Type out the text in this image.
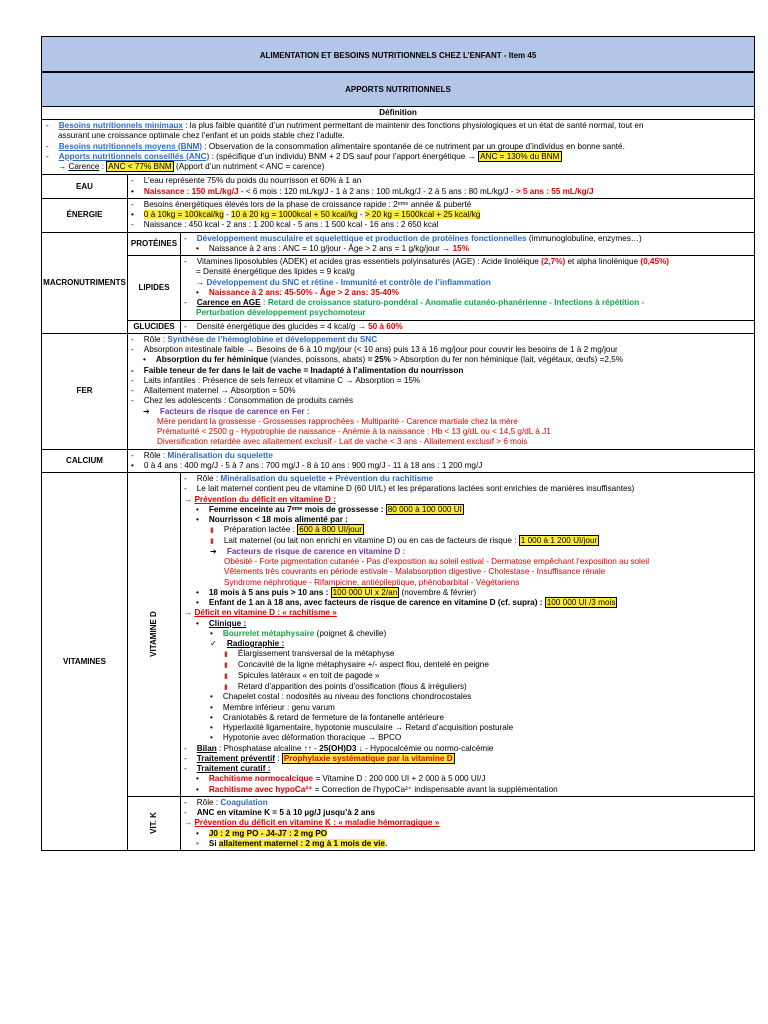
ALIMENTATION ET BESOINS NUTRITIONNELS CHEZ L’ENFANT - Item 45
APPORTS NUTRITIONNELS
Définition
- Besoins nutritionnels minimaux : la plus faible quantité d’un nutriment permettant de maintenir des fonctions physiologiques et un état de santé normal, tout en
assurant une croissance optimale chez l’enfant et un poids stable chez l’adulte.
- Besoins nutritionnels moyens (BNM) : Observation de la consommation alimentaire spontanée de ce nutriment par un groupe d’individus en bonne santé.
- Apports nutritionnels conseillés (ANC) : (spécifique d’un individu) BNM + 2 DS sauf pour l’apport énergétique → ANC = 130% du BNM
→ Carence : ANC < 77% BNM (Apport d’un nutriment < ANC = carence)
EAU
- L’eau représente 75% du poids du nourrisson et 60% à 1 an
• Naissance : 150 mL/kg/J - < 6 mois : 120 mL/kg/J - 1 à 2 ans : 100 mL/kg/J - 2 à 5 ans : 80 mL/kg/J - > 5 ans : 55 mL/kg/J
ÉNERGIE
- Besoins énergétiques élevés lors de la phase de croissance rapide : 2ᵉᵐᵉ année & puberté
• 0 à 10kg = 100kcal/kg - 10 à 20 kg = 1000kcal + 50 kcal/kg - > 20 kg = 1500kcal + 25 kcal/kg
- Naissance : 450 kcal - 2 ans : 1 200 kcal - 5 ans : 1 500 kcal - 16 ans : 2 650 kcal
MACRONUTRIMENTS
PROTÉINES
- Développement musculaire et squelettique et production de protéines fonctionnelles (immunoglobuline, enzymes…)
• Naissance à 2 ans : ANC = 10 g/jour - Âge > 2 ans = 1 g/kg/jour → 15%
LIPIDES
- Vitamines liposolubles (ADEK) et acides gras essentiels polyinsaturés (AGE) : Acide linoléique (2,7%) et alpha linolénique (0,45%)
= Densité énergétique des lipides = 9 kcal/g
→ Développement du SNC et rétine - Immunité et contrôle de l’inflammation
• Naissance à 2 ans: 45-50% - Âge > 2 ans: 35-40%
- Carence en AGE : Retard de croissance staturo-pondéral - Anomalie cutanéo-phanérienne - Infections à répétition -
Perturbation développement psychomoteur
GLUCIDES	- Densité énergétique des glucides = 4 kcal/g → 50 à 60%
FER
- Rôle : Synthèse de l’hémoglobine et développement du SNC
- Absorption intestinale faible → Besoins de 6 à 10 mg/jour (< 10 ans) puis 13 à 16 mg/jour pour couvrir les besoins de 1 à 2 mg/jour
• Absorption du fer héminique (viandes, poissons, abats) = 25% > Absorption du fer non héminique (lait, végétaux, œufs) =2,5%
- Faible teneur de fer dans le lait de vache = Inadapté à l’alimentation du nourrisson
- Laits infantiles : Présence de sels ferreux et vitamine C → Absorption = 15%
- Allaitement maternel → Absorption = 50%
- Chez les adolescents : Consommation de produits carnés
➔ Facteurs de risque de carence en Fer :
Mère pendant la grossesse - Grossesses rapprochées - Multiparité - Carence martiale chez la mère
Prématurité < 2500 g - Hypotrophie de naissance - Anémie à la naissance : Hb < 13 g/dL ou < 14,5 g/dL à J1
Diversification retardée avec allaitement exclusif - Lait de vache < 3 ans - Allaitement exclusif > 6 mois
CALCIUM
- Rôle : Minéralisation du squelette
• 0 à 4 ans : 400 mg/J - 5 à 7 ans : 700 mg/J - 8 à 10 ans : 900 mg/J - 11 à 18 ans : 1 200 mg/J
VITAMINES
VITAMINE D
- Rôle : Minéralisation du squelette + Prévention du rachitisme
- Le lait maternel contient peu de vitamine D (60 UI/L) et les préparations lactées sont enrichies de manières insuffisantes)
→ Prévention du déficit en vitamine D :
• Femme enceinte au 7ᵉᵐᵉ mois de grossesse : 80 000 à 100 000 UI
• Nourrisson < 18 mois alimenté par :
▮ Préparation lactée : 600 à 800 UI/jour
▮ Lait maternel (ou lait non enrichi en vitamine D) ou en cas de facteurs de risque : 1 000 à 1 200 UI/jour
➔ Facteurs de risque de carence en vitamine D :
Obésité - Forte pigmentation cutanée - Pas d’exposition au soleil estival - Dermatose empêchant l’exposition au soleil
Vêtements très couvrants en période estivale - Malabsorption digestive - Cholestase - Insuffisance rénale
Syndrome néphrotique - Rifampicine, antiépileptique, phénobarbital - Végétariens
• 18 mois à 5 ans puis > 10 ans : 100 000 UI x 2/an (novembre & février)
• Enfant de 1 an à 18 ans, avec facteurs de risque de carence en vitamine D (cf. supra) : 100 000 UI /3 mois
→ Déficit en vitamine D : « rachitisme »
• Clinique :
• Bourrelet métaphysaire (poignet & cheville)
✓ Radiographie :
▮ Élargissement transversal de la métaphyse
▮ Concavité de la ligne métaphysaire +/- aspect flou, dentelé en peigne
▮ Spicules latéraux « en toit de pagode »
▮ Retard d’apparition des points d’ossification (flous & irréguliers)
• Chapelet costal : nodosités au niveau des fonctions chondrocostales
• Membre inférieur : genu varum
• Craniotabès & retard de fermeture de la fontanelle antérieure
• Hyperlaxité ligamentaire, hypotonie musculaire → Retard d’acquisition posturale
• Hypotonie avec déformation thoracique → BPCO
- Bilan : Phosphatase alcaline ↑↑ - 25(OH)D3 ↓ - Hypocalcémie ou normo-calcémie
- Traitement préventif : Prophylaxie systématique par la vitamine D
- Traitement curatif :
• Rachitisme normocalcique = Vitamine D : 200 000 UI + 2 000 à 5 000 UI/J
• Rachitisme avec hypoCa²⁺ = Correction de l’hypoCa²⁺ indispensable avant la supplémentation
VIT. K
- Rôle : Coagulation
- ANC en vitamine K = 5 à 10 µg/J jusqu’à 2 ans
→ Prévention du déficit en vitamine K : « maladie hémorragique »
• J0 : 2 mg PO - J4-J7 : 2 mg PO
• Si allaitement maternel : 2 mg à 1 mois de vie.
